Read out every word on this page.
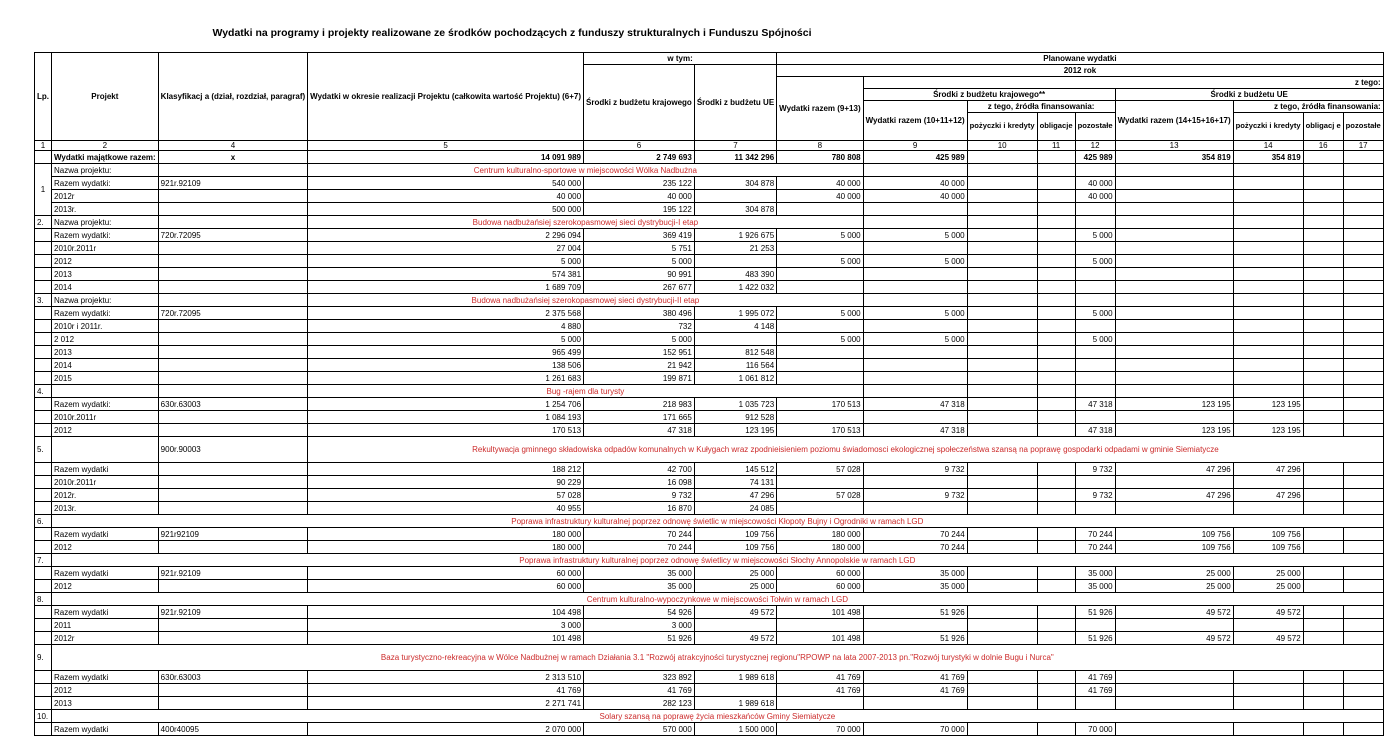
Wydatki na programy i projekty realizowane ze środków pochodzących z funduszy strukturalnych i Funduszu Spójności
Lp.	Projekt	Klasyfikacj a (dział, rozdział, paragraf)	Wydatki w okresie realizacji Projektu (całkowita wartość Projektu) (6+7)	w tym:		Planowane wydatki								
				Środki z budżetu krajowego	Środki z budżetu UE	2012 rok								
						Wydatki razem (9+13)	z tego:							
							Środki z budżetu krajowego**				Środki z budżetu UE			
							Wydatki razem (10+11+12)	z tego, źródła finansowania:			Wydatki razem (14+15+16+17)	z tego, źródła finansowania:		
								pożyczki i kredyty	obligacje	pozostałe		pożyczki i kredyty	obligacj e	pozostałe

1	2	4	5	6	7	8	9	10	11	12	13	14	16	17
	Wydatki majątkowe razem:	x	14 091 989	2 749 693	11 342 296	780 808	425 989			425 989	354 819	354 819		
1	Nazwa projektu:		Centrum kulturalno-sportowe w miejscowości Wólka Nadbużna											
	Razem wydatki:	921r.92109	540 000	235 122	304 878	40 000	40 000			40 000				
	2012r		40 000	40 000		40 000	40 000			40 000				
	2013r.		500 000	195 122	304 878									
2.	Nazwa projektu:		Budowa nadbużańsiej szerokopasmowej sieci dystrybucji-I etap											
	Razem wydatki:	720r.72095	2 296 094	369 419	1 926 675	5 000	5 000			5 000				
	2010r.2011r		27 004	5 751	21 253									
	2012		5 000	5 000		5 000	5 000			5 000				
	2013		574 381	90 991	483 390									
	2014		1 689 709	267 677	1 422 032									
3.	Nazwa projektu:		Budowa nadbużańsiej szerokopasmowej sieci dystrybucji-II etap											
	Razem wydatki:	720r.72095	2 375 568	380 496	1 995 072	5 000	5 000			5 000				
	2010r i 2011r.		4 880	732	4 148									
	2 012		5 000	5 000		5 000	5 000			5 000				
	2013		965 499	152 951	812 548									
	2014		138 506	21 942	116 564									
	2015		1 261 683	199 871	1 061 812									
4.			Bug -rajem dla turysty											
	Razem wydatki:	630r.63003	1 254 706	218 983	1 035 723	170 513	47 318			47 318	123 195	123 195		
	2010r.2011r		1 084 193	171 665	912 528									
	2012		170 513	47 318	123 195	170 513	47 318			47 318	123 195	123 195		
5.		900r.90003	Rekultywacja gminnego składowiska odpadów komunalnych w Kułygach wraz zpodnieisieniem poziomu świadomosci ekologicznej społeczeństwa szansą na poprawę gospodarki odpadami w gminie Siemiatycze											
	Razem wydatki		188 212	42 700	145 512	57 028	9 732			9 732	47 296	47 296		
	2010r.2011r		90 229	16 098	74 131									
	2012r.		57 028	9 732	47 296	57 028	9 732			9 732	47 296	47 296		
	2013r.		40 955	16 870	24 085									
6.	Poprawa infrastruktury kulturalnej poprzez odnowę świetlic w miejscowości Kłopoty Bujny i Ogrodniki w ramach LGD													
	Razem wydatki	921r92109	180 000	70 244	109 756	180 000	70 244			70 244	109 756	109 756		
	2012		180 000	70 244	109 756	180 000	70 244			70 244	109 756	109 756		
7.	Poprawa infrastruktury kulturalnej poprzez odnowę świetlicy w miejscowości Słochy Annopolskie w ramach LGD													
	Razem wydatki	921r.92109	60 000	35 000	25 000	60 000	35 000			35 000	25 000	25 000		
	2012		60 000	35 000	25 000	60 000	35 000			35 000	25 000	25 000		
8.	Centrum kulturalno-wypoczynkowe w miejscowości Tołwin w ramach LGD													
	Razem wydatki	921r.92109	104 498	54 926	49 572	101 498	51 926			51 926	49 572	49 572		
	2011		3 000	3 000										
	2012r		101 498	51 926	49 572	101 498	51 926			51 926	49 572	49 572		
9.	Baza turystyczno-rekreacyjna w Wólce Nadbużnej w ramach Działania 3.1 "Rozwój atrakcyjności turystycznej regionu"RPOWP na lata 2007-2013 pn."Rozwój turystyki w dolnie Bugu i Nurca"													
	Razem wydatki	630r.63003	2 313 510	323 892	1 989 618	41 769	41 769			41 769				
	2012		41 769	41 769		41 769	41 769			41 769				
	2013		2 271 741	282 123	1 989 618									
10.	Solary szansą na poprawę życia mieszkańców Gminy Siemiatycze													
	Razem wydatki	400r40095	2 070 000	570 000	1 500 000	70 000	70 000			70 000				
